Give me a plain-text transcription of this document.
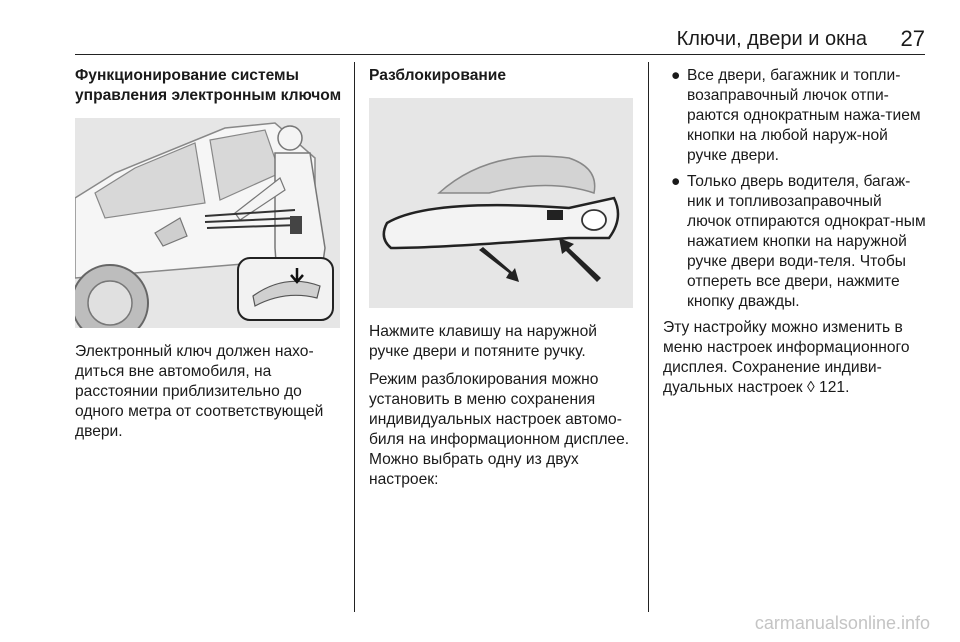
Ключи, двери и окна 27
Функционирование системы управления электронным ключом

Электронный ключ должен нахо-диться вне автомобиля, на расстоянии приблизительно до одного метра от соответствующей двери.

Разблокирование

Нажмите клавишу на наружной ручке двери и потяните ручку.

Режим разблокирования можно установить в меню сохранения индивидуальных настроек автомо-биля на информационном дисплее. Можно выбрать одну из двух настроек:

● Все двери, багажник и топли-возаправочный лючок отпи-раются однократным нажа-тием кнопки на любой наруж-ной ручке двери.
● Только дверь водителя, багаж-ник и топливозаправочный лючок отпираются однократ-ным нажатием кнопки на наружной ручке двери води-теля. Чтобы отпереть все двери, нажмите кнопку дважды.

Эту настройку можно изменить в меню настроек информационного дисплея. Сохранение индиви-дуальных настроек ◊ 121.

carmanualsonline.info
